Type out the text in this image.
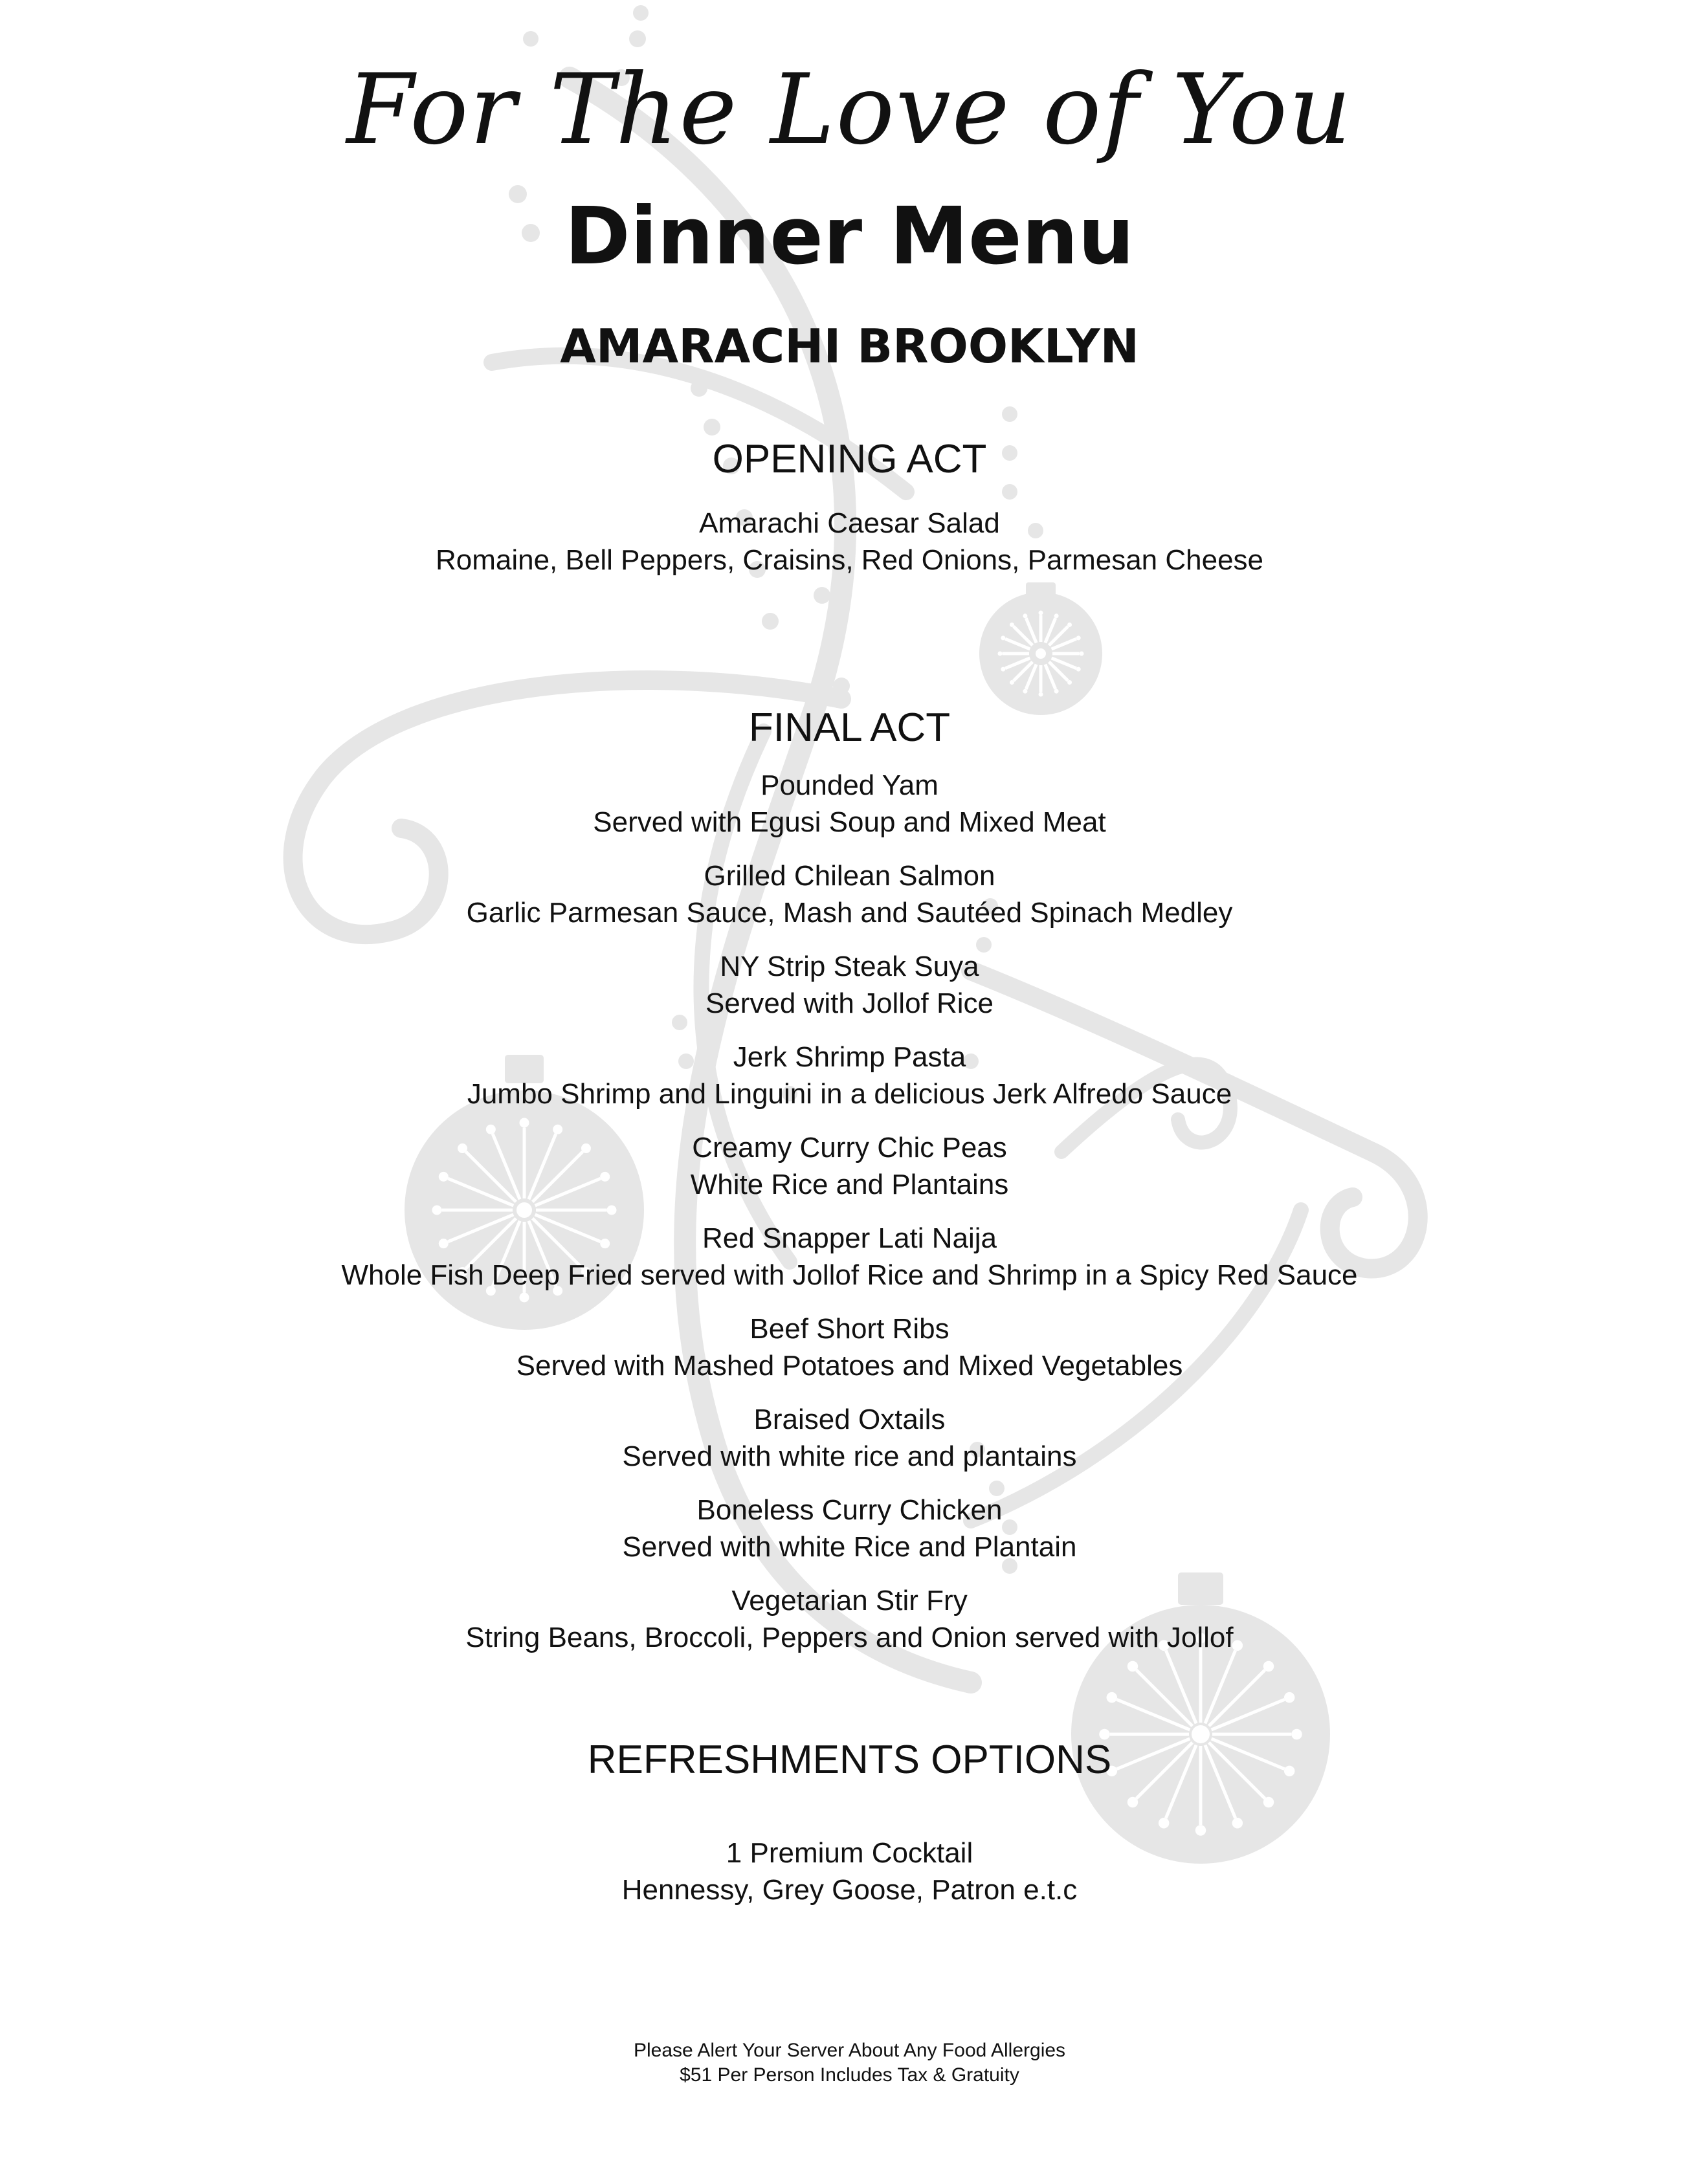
For The Love of You
Dinner Menu
AMARACHI BROOKLYN
OPENING ACT
Amarachi Caesar Salad
Romaine, Bell Peppers, Craisins, Red Onions, Parmesan Cheese
FINAL ACT
Pounded Yam
Served with Egusi Soup and Mixed Meat
Grilled Chilean Salmon
Garlic Parmesan Sauce, Mash and Sautéed Spinach Medley
NY Strip Steak Suya
Served with Jollof Rice
Jerk Shrimp Pasta
Jumbo Shrimp and Linguini in a delicious Jerk Alfredo Sauce
Creamy Curry Chic Peas
White Rice and Plantains
Red Snapper Lati Naija
Whole Fish Deep Fried served with Jollof Rice and Shrimp in a Spicy Red Sauce
Beef Short Ribs
Served with Mashed Potatoes and Mixed Vegetables
Braised Oxtails
Served with white rice and plantains
Boneless Curry Chicken
Served with white Rice and Plantain
Vegetarian Stir Fry
String Beans, Broccoli, Peppers and Onion served with Jollof
REFRESHMENTS OPTIONS
1 Premium Cocktail
Hennessy, Grey Goose, Patron e.t.c
Please Alert Your Server About Any Food Allergies
$51 Per Person Includes Tax & Gratuity
